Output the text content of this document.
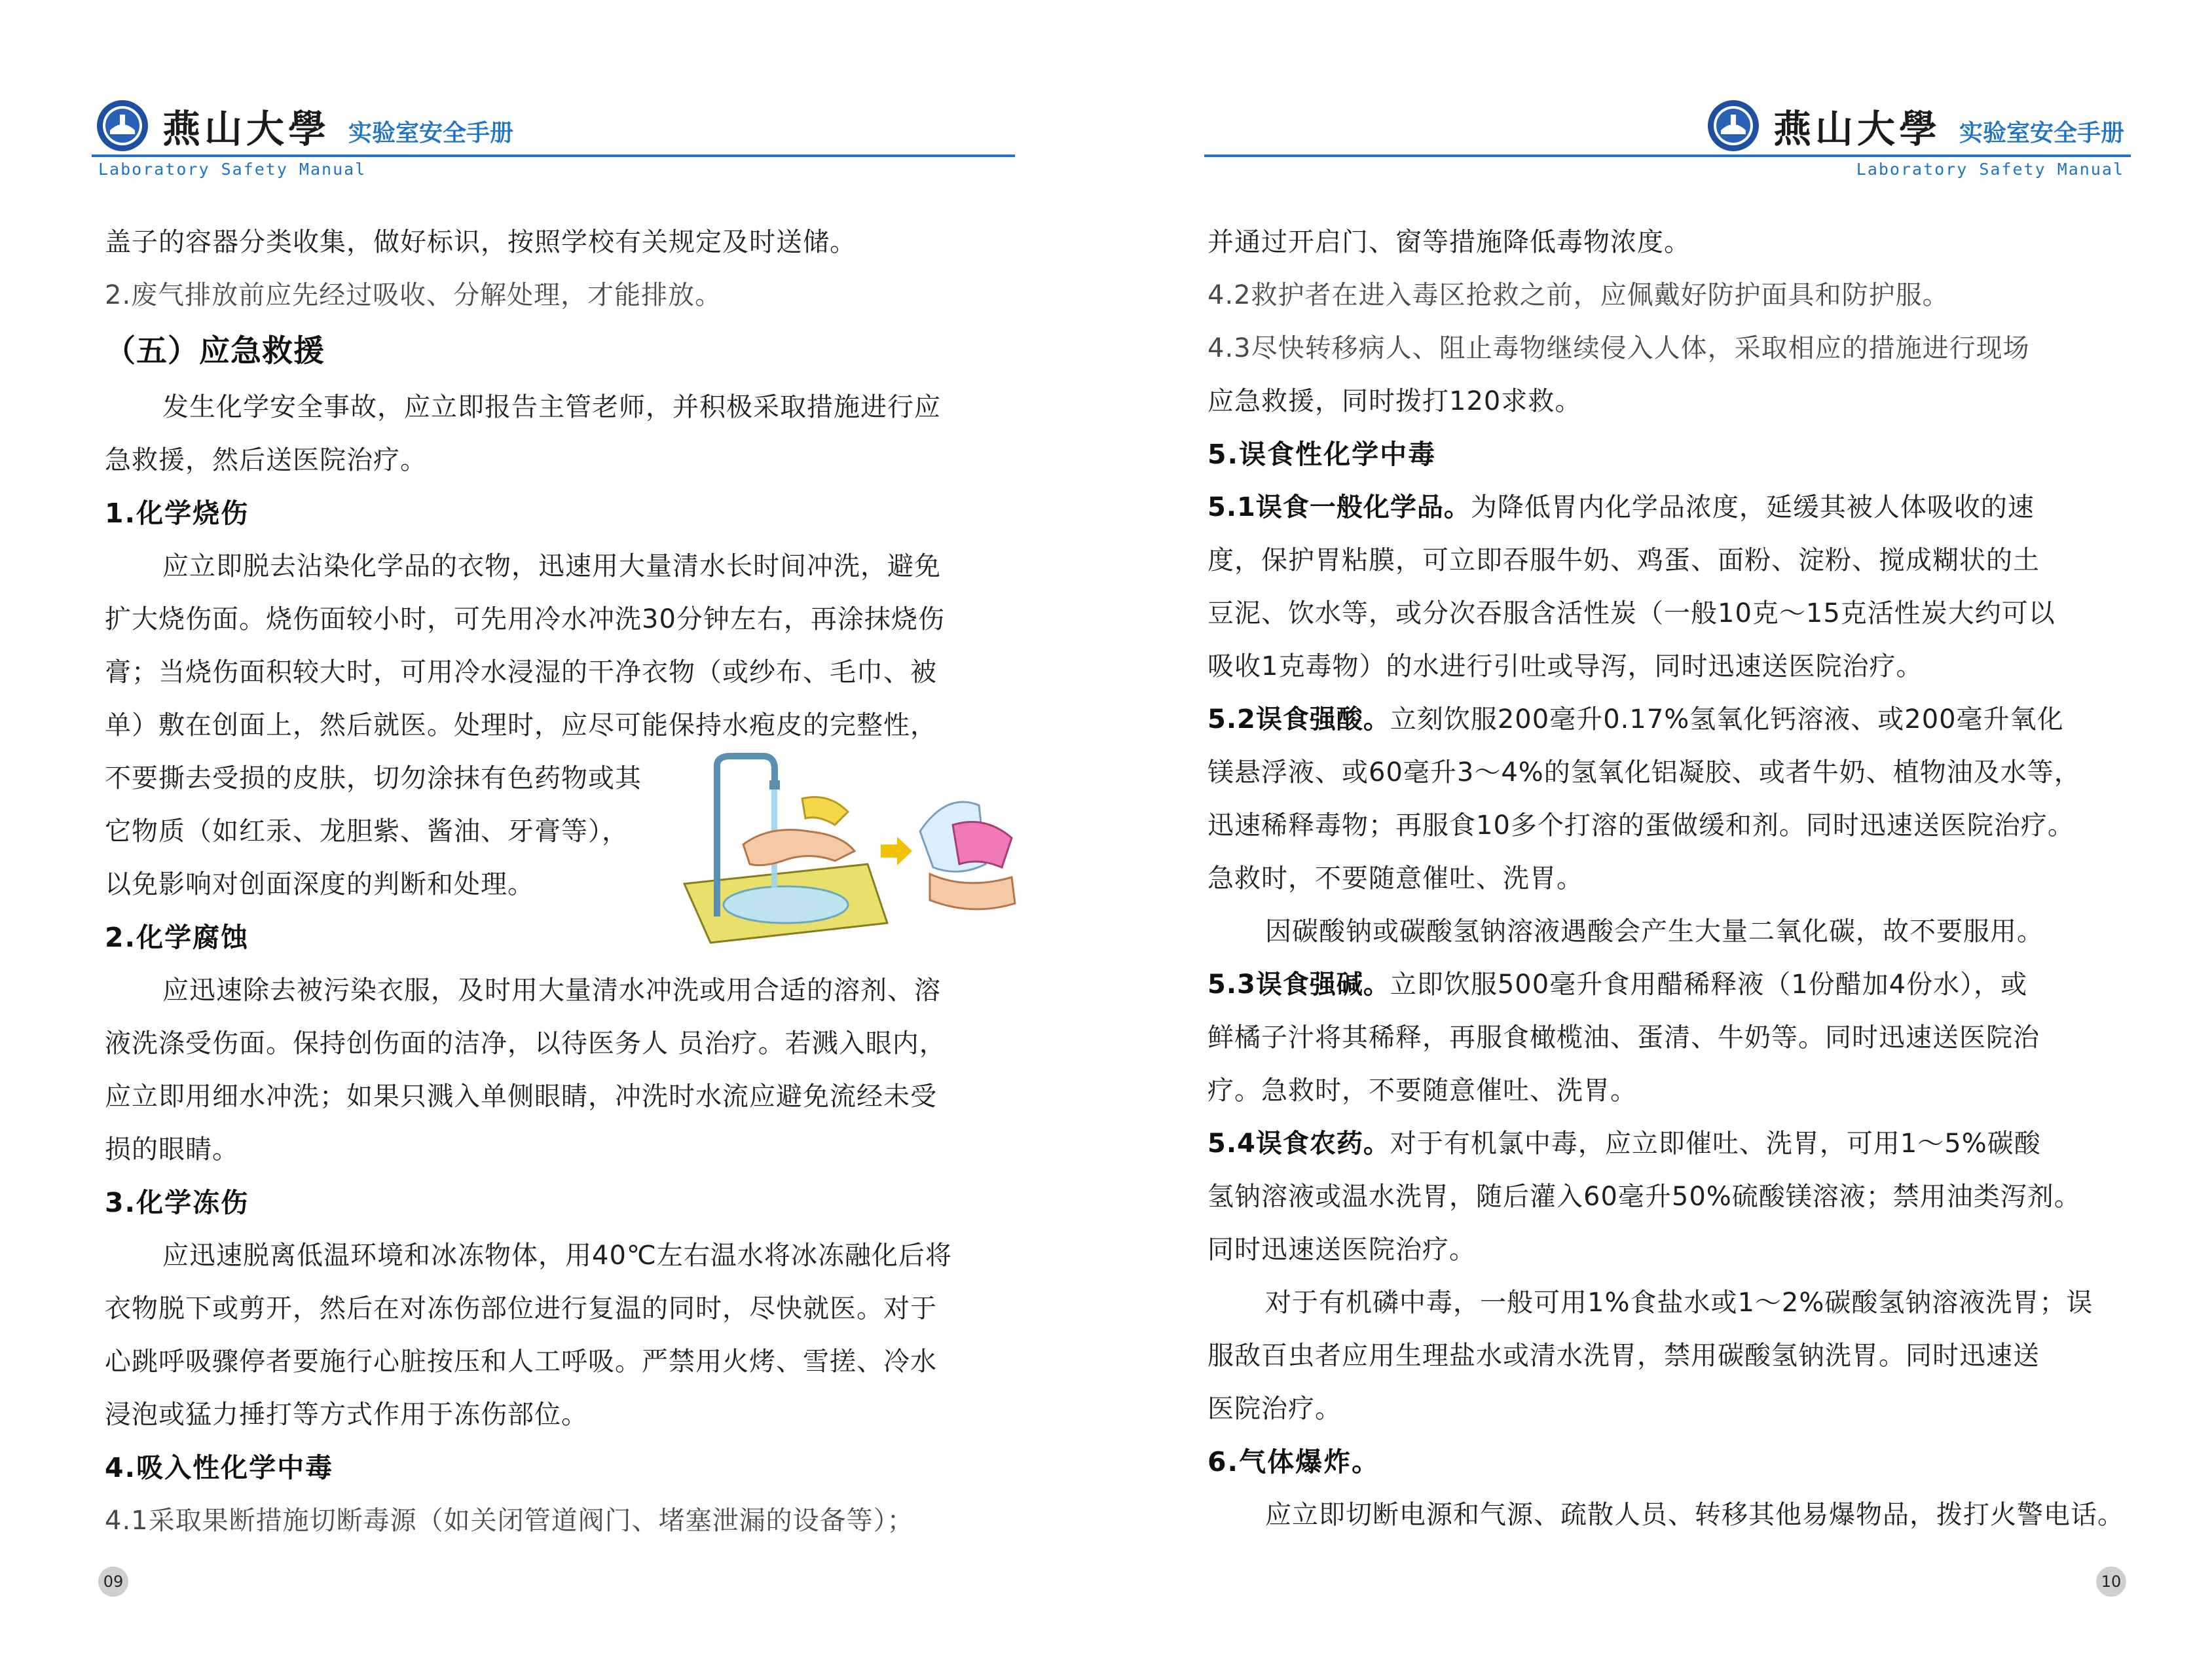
燕山大學 实验室安全手册
Laboratory Safety Manual
盖子的容器分类收集，做好标识，按照学校有关规定及时送储。
2.废气排放前应先经过吸收、分解处理，才能排放。
（五）应急救援
发生化学安全事故，应立即报告主管老师，并积极采取措施进行应
急救援，然后送医院治疗。
1.化学烧伤
应立即脱去沾染化学品的衣物，迅速用大量清水长时间冲洗，避免
扩大烧伤面。烧伤面较小时，可先用冷水冲洗30分钟左右，再涂抹烧伤
膏；当烧伤面积较大时，可用冷水浸湿的干净衣物（或纱布、毛巾、被
单）敷在创面上，然后就医。处理时，应尽可能保持水疱皮的完整性，
不要撕去受损的皮肤，切勿涂抹有色药物或其
它物质（如红汞、龙胆紫、酱油、牙膏等），
以免影响对创面深度的判断和处理。
2.化学腐蚀
应迅速除去被污染衣服，及时用大量清水冲洗或用合适的溶剂、溶
液洗涤受伤面。保持创伤面的洁净，以待医务人 员治疗。若溅入眼内，
应立即用细水冲洗；如果只溅入单侧眼睛，冲洗时水流应避免流经未受
损的眼睛。
3.化学冻伤
应迅速脱离低温环境和冰冻物体，用40℃左右温水将冰冻融化后将
衣物脱下或剪开，然后在对冻伤部位进行复温的同时，尽快就医。对于
心跳呼吸骤停者要施行心脏按压和人工呼吸。严禁用火烤、雪搓、冷水
浸泡或猛力捶打等方式作用于冻伤部位。
4.吸入性化学中毒
4.1采取果断措施切断毒源（如关闭管道阀门、堵塞泄漏的设备等）；
09
燕山大學 实验室安全手册
Laboratory Safety Manual
并通过开启门、窗等措施降低毒物浓度。
4.2救护者在进入毒区抢救之前，应佩戴好防护面具和防护服。
4.3尽快转移病人、阻止毒物继续侵入人体，采取相应的措施进行现场
应急救援，同时拨打120求救。
5.误食性化学中毒
5.1误食一般化学品。为降低胃内化学品浓度，延缓其被人体吸收的速
度，保护胃粘膜，可立即吞服牛奶、鸡蛋、面粉、淀粉、搅成糊状的土
豆泥、饮水等，或分次吞服含活性炭（一般10克～15克活性炭大约可以
吸收1克毒物）的水进行引吐或导泻，同时迅速送医院治疗。
5.2误食强酸。立刻饮服200毫升0.17%氢氧化钙溶液、或200毫升氧化
镁悬浮液、或60毫升3～4%的氢氧化铝凝胶、或者牛奶、植物油及水等，
迅速稀释毒物；再服食10多个打溶的蛋做缓和剂。同时迅速送医院治疗。
急救时，不要随意催吐、洗胃。
因碳酸钠或碳酸氢钠溶液遇酸会产生大量二氧化碳，故不要服用。
5.3误食强碱。立即饮服500毫升食用醋稀释液（1份醋加4份水），或
鲜橘子汁将其稀释，再服食橄榄油、蛋清、牛奶等。同时迅速送医院治
疗。急救时，不要随意催吐、洗胃。
5.4误食农药。对于有机氯中毒，应立即催吐、洗胃，可用1～5%碳酸
氢钠溶液或温水洗胃，随后灌入60毫升50%硫酸镁溶液；禁用油类泻剂。
同时迅速送医院治疗。
对于有机磷中毒，一般可用1%食盐水或1～2%碳酸氢钠溶液洗胃；误
服敌百虫者应用生理盐水或清水洗胃，禁用碳酸氢钠洗胃。同时迅速送
医院治疗。
6.气体爆炸。
应立即切断电源和气源、疏散人员、转移其他易爆物品，拨打火警电话。
10
